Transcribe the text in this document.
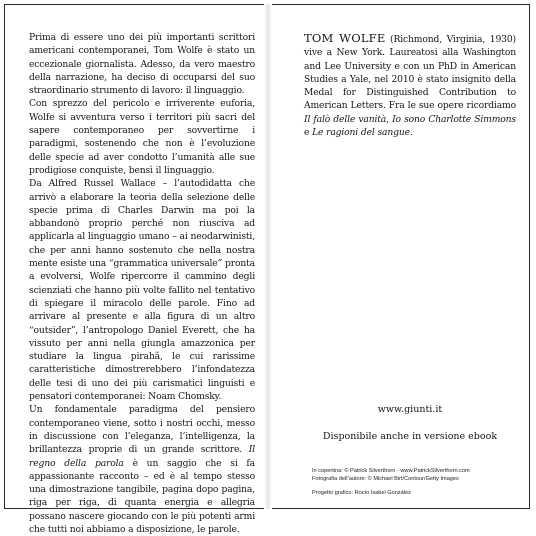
Prima di essere uno dei più importanti scrittori americani contemporanei, Tom Wolfe è stato un eccezionale giornalista. Adesso, da vero maestro della narrazione, ha deciso di occuparsi del suo straordinario strumento di lavoro: il linguaggio.

Con sprezzo del pericolo e irriverente euforia, Wolfe si avventura verso i territori più sacri del sapere contemporaneo per sovvertirne i paradigmi, sostenendo che non è l’evoluzione delle specie ad aver condotto l’umanità alle sue prodigiose conquiste, bensì il linguaggio.

Da Alfred Russel Wallace – l’autodidatta che arrivò a elaborare la teoria della selezione delle specie prima di Charles Darwin ma poi la abbandonò proprio perché non riusciva ad applicarla al linguaggio umano – ai neodarwinisti, che per anni hanno sostenuto che nella nostra mente esiste una “grammatica universale” pronta a evolversi, Wolfe ripercorre il cammino degli scienziati che hanno più volte fallito nel tentativo di spiegare il miracolo delle parole. Fino ad arrivare al presente e alla figura di un altro “outsider”, l’antropologo Daniel Everett, che ha vissuto per anni nella giungla amazzonica per studiare la lingua pirahã, le cui rarissime caratteristiche dimostrerebbero l’infondatezza delle tesi di uno dei più carismatici linguisti e pensatori contemporanei: Noam Chomsky.

Un fondamentale paradigma del pensiero contemporaneo viene, sotto i nostri occhi, messo in discussione con l’eleganza, l’intelligenza, la brillantezza proprie di un grande scrittore. Il regno della parola è un saggio che si fa appassionante racconto – ed è al tempo stesso una dimostrazione tangibile, pagina dopo pagina, riga per riga, di quanta energia e allegria possano nascere giocando con le più potenti armi che tutti noi abbiamo a disposizione, le parole.

TOM WOLFE (Richmond, Virginia, 1930) vive a New York. Laureatosi alla Washington and Lee University e con un PhD in American Studies a Yale, nel 2010 è stato insignito della Medal for Distinguished Contribution to American Letters. Fra le sue opere ricordiamo Il falò delle vanità, Io sono Charlotte Simmons e Le ragioni del sangue.

www.giunti.it
Disponibile anche in versione ebook
In copertina: © Patrick Silverthorn - www.PatrickSilverthorn.com
Fotografia dell’autore: © Michael Birt/Contour/Getty Images
Progetto grafico: Rocío Isabel González
